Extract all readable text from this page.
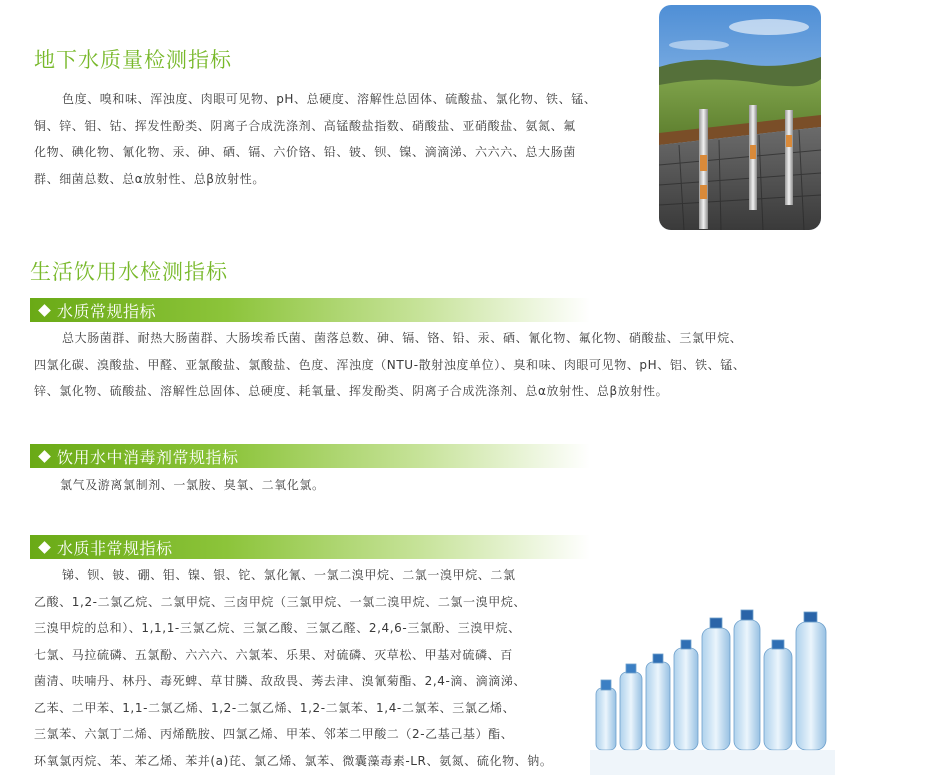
地下水质量检测指标
色度、嗅和味、浑浊度、肉眼可见物、pH、总硬度、溶解性总固体、硫酸盐、氯化物、铁、锰、
铜、锌、钼、钴、挥发性酚类、阴离子合成洗涤剂、高锰酸盐指数、硝酸盐、亚硝酸盐、氨氮、氟
化物、碘化物、氰化物、汞、砷、硒、镉、六价铬、铅、铍、钡、镍、滴滴涕、六六六、总大肠菌
群、细菌总数、总α放射性、总β放射性。
生活饮用水检测指标
水质常规指标
总大肠菌群、耐热大肠菌群、大肠埃希氏菌、菌落总数、砷、镉、铬、铅、汞、硒、氰化物、氟化物、硝酸盐、三氯甲烷、
四氯化碳、溴酸盐、甲醛、亚氯酸盐、氯酸盐、色度、浑浊度（NTU-散射浊度单位）、臭和味、肉眼可见物、pH、铝、铁、锰、
锌、氯化物、硫酸盐、溶解性总固体、总硬度、耗氧量、挥发酚类、阴离子合成洗涤剂、总α放射性、总β放射性。
饮用水中消毒剂常规指标
氯气及游离氯制剂、一氯胺、臭氧、二氧化氯。
水质非常规指标
锑、钡、铍、硼、钼、镍、银、铊、氯化氰、一氯二溴甲烷、二氯一溴甲烷、二氯
乙酸、1,2-二氯乙烷、二氯甲烷、三卤甲烷（三氯甲烷、一氯二溴甲烷、二氯一溴甲烷、
三溴甲烷的总和）、1,1,1-三氯乙烷、三氯乙酸、三氯乙醛、2,4,6-三氯酚、三溴甲烷、
七氯、马拉硫磷、五氯酚、六六六、六氯苯、乐果、对硫磷、灭草松、甲基对硫磷、百
菌清、呋喃丹、林丹、毒死蜱、草甘膦、敌敌畏、莠去津、溴氰菊酯、2,4-滴、滴滴涕、
乙苯、二甲苯、1,1-二氯乙烯、1,2-二氯乙烯、1,2-二氯苯、1,4-二氯苯、三氯乙烯、
三氯苯、六氯丁二烯、丙烯酰胺、四氯乙烯、甲苯、邻苯二甲酸二（2-乙基己基）酯、
环氧氯丙烷、苯、苯乙烯、苯并(a)芘、氯乙烯、氯苯、微囊藻毒素-LR、氨氮、硫化物、钠。
